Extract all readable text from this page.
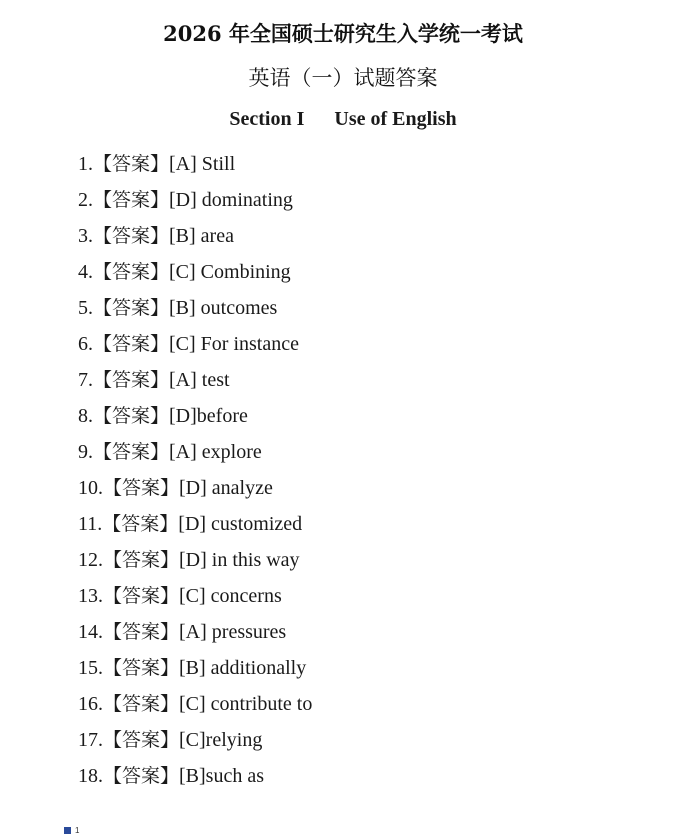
2026 年全国硕士研究生入学统一考试
英语（一）试题答案
Section I Use of English
1.【答案】[A] Still
2.【答案】[D] dominating
3.【答案】[B] area
4.【答案】[C] Combining
5.【答案】[B] outcomes
6.【答案】[C] For instance
7.【答案】[A] test
8.【答案】[D]before
9.【答案】[A] explore
10.【答案】[D] analyze
11.【答案】[D] customized
12.【答案】[D] in this way
13.【答案】[C] concerns
14.【答案】[A] pressures
15.【答案】[B] additionally
16.【答案】[C] contribute to
17.【答案】[C]relying
18.【答案】[B]such as
1
